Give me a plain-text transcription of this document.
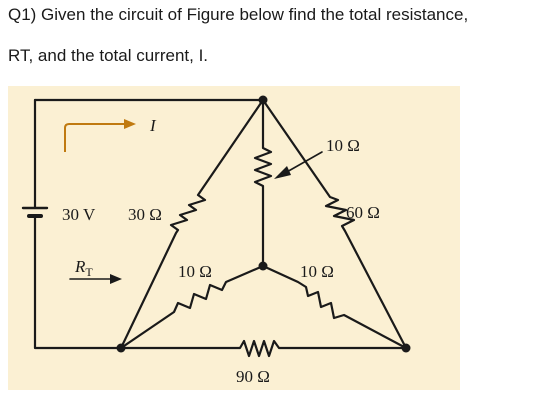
Q1) Given the circuit of Figure below find the total resistance,

RT, and the total current, I.

I
30 V 30 Ω
10 Ω
60 Ω
10 Ω	10 Ω
90 Ω
$R_T$
